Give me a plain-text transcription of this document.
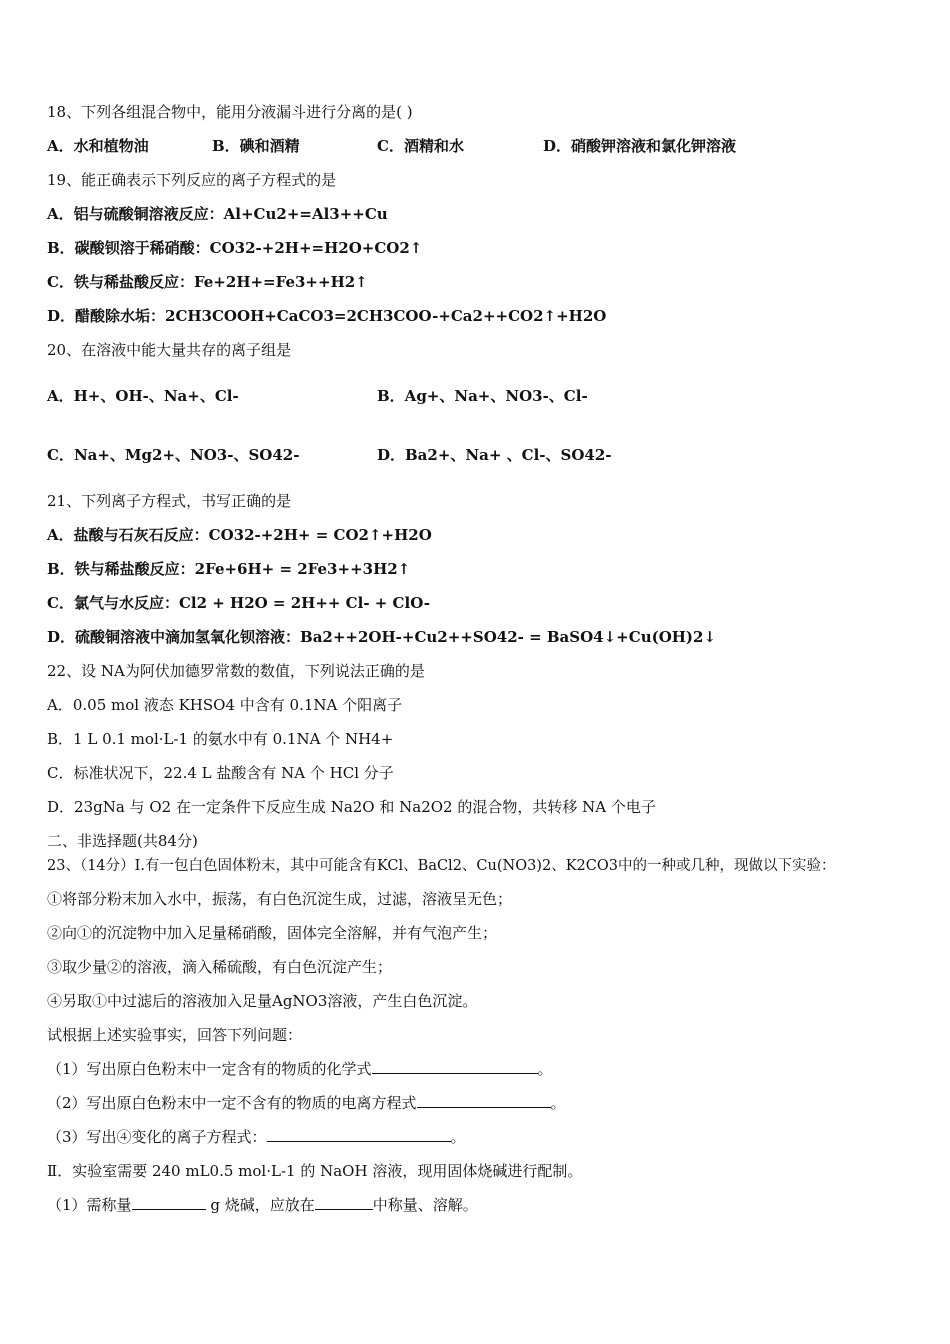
18、下列各组混合物中，能用分液漏斗进行分离的是( )
A．水和植物油	B．碘和酒精	C．酒精和水	D．硝酸钾溶液和氯化钾溶液
19、能正确表示下列反应的离子方程式的是
A．铝与硫酸铜溶液反应：Al+Cu2+=Al3++Cu
B．碳酸钡溶于稀硝酸：CO32-+2H+=H2O+CO2↑
C．铁与稀盐酸反应：Fe+2H+=Fe3++H2↑
D．醋酸除水垢：2CH3COOH+CaCO3=2CH3COO-+Ca2++CO2↑+H2O
20、在溶液中能大量共存的离子组是
A．H+、OH-、Na+、Cl-	B．Ag+、Na+、NO3-、Cl-
C．Na+、Mg2+、NO3-、SO42-	D．Ba2+、Na+ 、Cl-、SO42-
21、下列离子方程式，书写正确的是
A．盐酸与石灰石反应：CO32-+2H+ = CO2↑+H2O
B．铁与稀盐酸反应：2Fe+6H+ = 2Fe3++3H2↑
C．氯气与水反应：Cl2 + H2O = 2H++ Cl- + ClO-
D．硫酸铜溶液中滴加氢氧化钡溶液：Ba2++2OH-+Cu2++SO42- = BaSO4↓+Cu(OH)2↓
22、设 NA为阿伏加德罗常数的数值，下列说法正确的是
A．0.05 mol 液态 KHSO4 中含有 0.1NA 个阳离子
B．1 L 0.1 mol·L-1 的氨水中有 0.1NA 个 NH4+
C．标准状况下，22.4 L 盐酸含有 NA 个 HCl 分子
D．23gNa 与 O2 在一定条件下反应生成 Na2O 和 Na2O2 的混合物，共转移 NA 个电子
二、非选择题(共84分)
23、（14分）Ⅰ.有一包白色固体粉末，其中可能含有KCl、BaCl2、Cu(NO3)2、K2CO3中的一种或几种，现做以下实验：
①将部分粉末加入水中，振荡，有白色沉淀生成，过滤，溶液呈无色；
②向①的沉淀物中加入足量稀硝酸，固体完全溶解，并有气泡产生；
③取少量②的溶液，滴入稀硫酸，有白色沉淀产生；
④另取①中过滤后的溶液加入足量AgNO3溶液，产生白色沉淀。
试根据上述实验事实，回答下列问题：
（1）写出原白色粉末中一定含有的物质的化学式	。
（2）写出原白色粉末中一定不含有的物质的电离方程式	。
（3）写出④变化的离子方程式：	。
Ⅱ．实验室需要 240 mL0.5 mol·L-1 的 NaOH 溶液，现用固体烧碱进行配制。
（1）需称量	g 烧碱，应放在	中称量、溶解。
